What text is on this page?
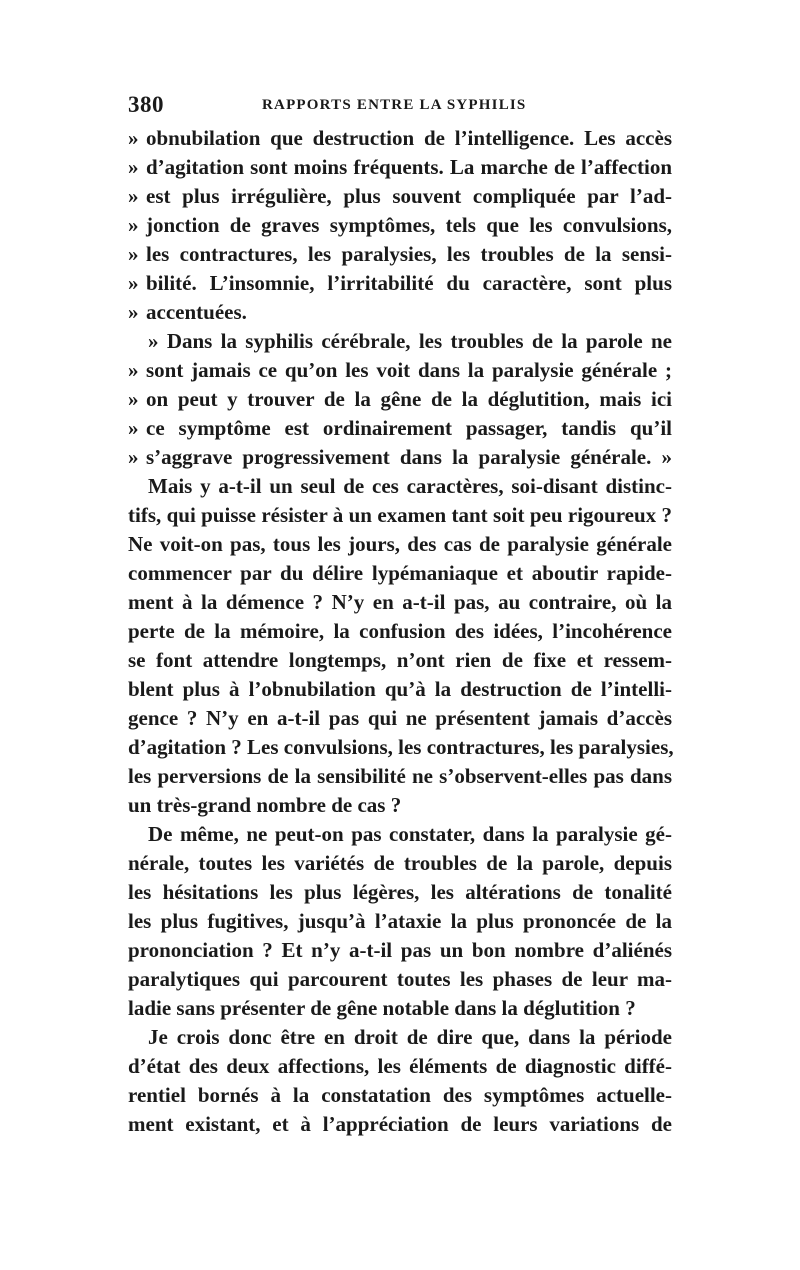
380	RAPPORTS ENTRE LA SYPHILIS
» obnubilation que destruction de l’intelligence. Les accès
» d’agitation sont moins fréquents. La marche de l’affection
» est plus irrégulière, plus souvent compliquée par l’ad-
» jonction de graves symptômes, tels que les convulsions,
» les contractures, les paralysies, les troubles de la sensi-
» bilité. L’insomnie, l’irritabilité du caractère, sont plus
» accentuées.
» Dans la syphilis cérébrale, les troubles de la parole ne
» sont jamais ce qu’on les voit dans la paralysie générale ;
» on peut y trouver de la gêne de la déglutition, mais ici
» ce symptôme est ordinairement passager, tandis qu’il
» s’aggrave progressivement dans la paralysie générale. »
Mais y a-t-il un seul de ces caractères, soi-disant distinc-
tifs, qui puisse résister à un examen tant soit peu rigoureux ?
Ne voit-on pas, tous les jours, des cas de paralysie générale
commencer par du délire lypémaniaque et aboutir rapide-
ment à la démence ? N’y en a-t-il pas, au contraire, où la
perte de la mémoire, la confusion des idées, l’incohérence
se font attendre longtemps, n’ont rien de fixe et ressem-
blent plus à l’obnubilation qu’à la destruction de l’intelli-
gence ? N’y en a-t-il pas qui ne présentent jamais d’accès
d’agitation ? Les convulsions, les contractures, les paralysies,
les perversions de la sensibilité ne s’observent-elles pas dans
un très-grand nombre de cas ?
De même, ne peut-on pas constater, dans la paralysie gé-
nérale, toutes les variétés de troubles de la parole, depuis
les hésitations les plus légères, les altérations de tonalité
les plus fugitives, jusqu’à l’ataxie la plus prononcée de la
prononciation ? Et n’y a-t-il pas un bon nombre d’aliénés
paralytiques qui parcourent toutes les phases de leur ma-
ladie sans présenter de gêne notable dans la déglutition ?
Je crois donc être en droit de dire que, dans la période
d’état des deux affections, les éléments de diagnostic diffé-
rentiel bornés à la constatation des symptômes actuelle-
ment existant, et à l’appréciation de leurs variations de
